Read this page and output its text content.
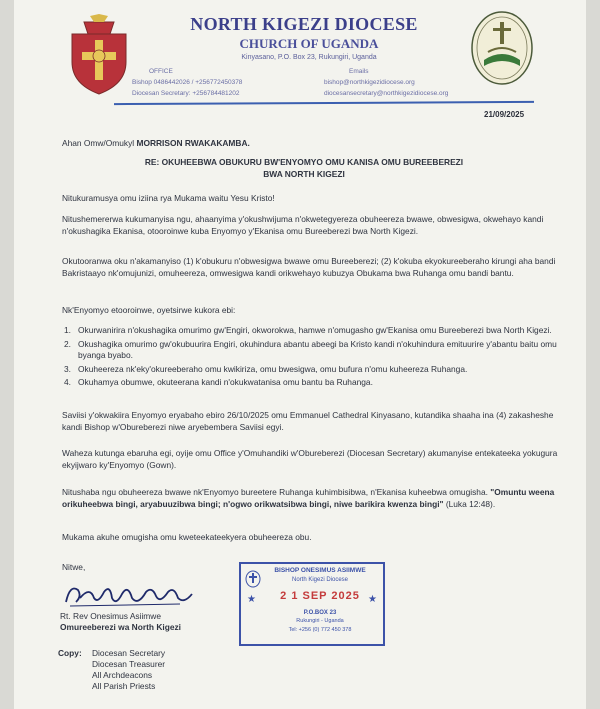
NORTH KIGEZI DIOCESE
CHURCH OF UGANDA
Kinyasano, P.O. Box 23, Rukungiri, Uganda
OFFICE	Emails
Bishop 0486442026 / +256772450378
Diocesan Secretary: +256784481202
bishop@northkigezidiocese.org
diocesansecretary@northkigezidiocese.org
21/09/2025
Ahan Omw/Omukyl MORRISON RWAKAKAMBA.
RE: OKUHEEBWA OBUKURU BW'ENYOMYO OMU KANISA OMU BUREEBEREZI
BWA NORTH KIGEZI
Nitukuramusya omu iziina rya Mukama waitu Yesu Kristo!
Nitushemererwa kukumanyisa ngu, ahaanyima y'okushwijuma n'okwetegyereza obuheereza bwawe, obwesigwa, okwehayo kandi n'okushagika Ekanisa, otooroinwe kuba Enyomyo y'Ekanisa omu Bureeberezi bwa North Kigezi.
Okutooranwa oku n'akamanyiso (1) k'obukuru n'obwesigwa bwawe omu Bureeberezi; (2) k'okuba ekyokureeberaho kirungi aha bandi Bakristaayo nk'omujunizi, omuheereza, omwesigwa kandi orikwehayo kubuzya Obukama bwa Ruhanga omu bandi bantu.
Nk'Enyomyo etooroinwe, oyetsirwe kukora ebi:
1. Okurwanirira n'okushagika omurimo gw'Engiri, okworokwa, hamwe n'omugasho gw'Ekanisa omu Bureeberezi bwa North Kigezi.
2. Okushagika omurimo gw'okubuurira Engiri, okuhindura abantu abeegi ba Kristo kandi n'okuhindura emituurire y'abantu baitu omu byanga byabo.
3. Okuheereza nk'eky'okureeberaho omu kwikiriza, omu bwesigwa, omu bufura n'omu kuheereza Ruhanga.
4. Okuhamya obumwe, okuteerana kandi n'okukwatanisa omu bantu ba Ruhanga.
Saviisi y'okwakiira Enyomyo eryabaho ebiro 26/10/2025 omu Emmanuel Cathedral Kinyasano, kutandika shaaha ina (4) zakasheshe kandi Bishop w'Obureberezi niwe aryebembera Saviisi egyi.
Waheza kutunga ebaruha egi, oyije omu Office y'Omuhandiki w'Obureberezi (Diocesan Secretary) akumanyise entekateeka yokugura ekyijwaro ky'Enyomyo (Gown).
Nitushaba ngu obuheereza bwawe nk'Enyomyo bureetere Ruhanga kuhimbisibwa, n'Ekanisa kuheebwa omugisha. "Omuntu weena orikuheebwa bingi, aryabuuzibwa bingi; n'ogwo orikwatsibwa bingi, niwe barikira kwenza bingi" (Luka 12:48).
Mukama akuhe omugisha omu kweteekateekyera obuheereza obu.
Nitwe,
Rt. Rev Onesimus Asiimwe
Omureeberezi wa North Kigezi
BISHOP ONESIMUS ASIIMWE
North Kigezi Diocese
2 1 SEP 2025
★	★
P.O.BOX 23
Rukungiri - Uganda
Tel: +256 (0) 772 450 378
Copy: Diocesan Secretary
Diocesan Treasurer
All Archdeacons
All Parish Priests
